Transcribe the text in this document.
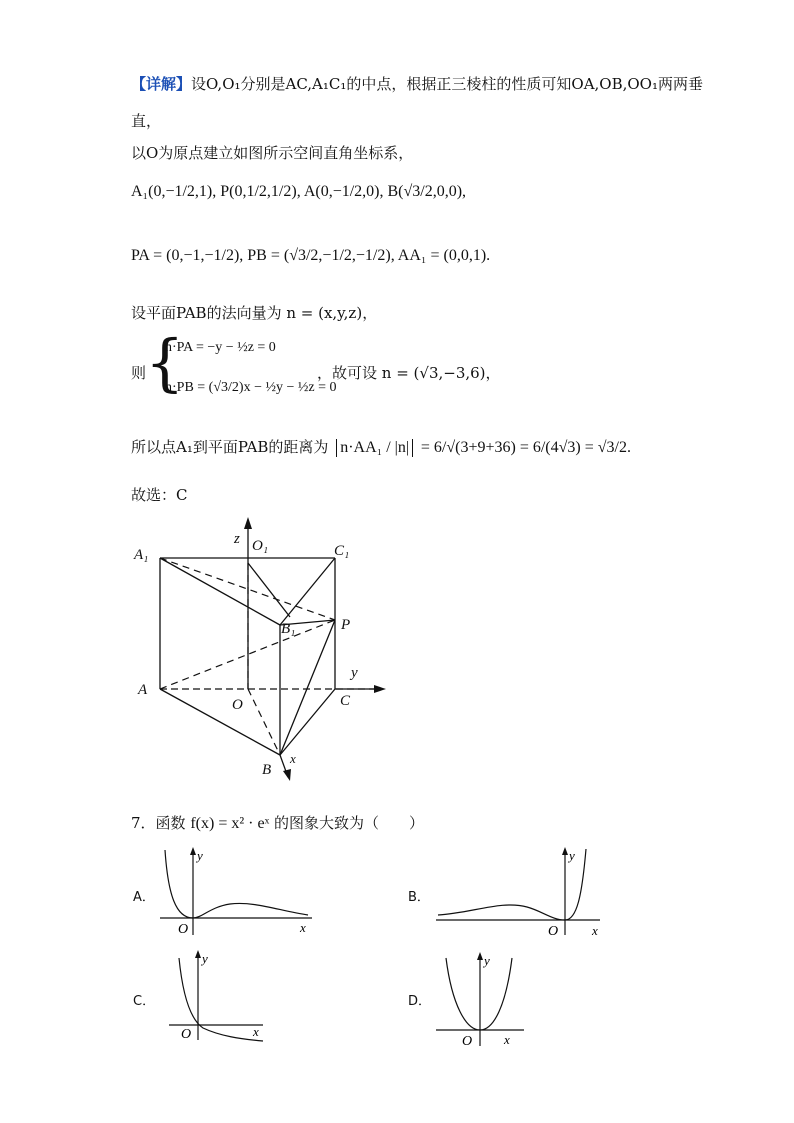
【详解】设O,O₁分别是AC,A₁C₁的中点，根据正三棱柱的性质可知OA,OB,OO₁两两垂
直，
以O为原点建立如图所示空间直角坐标系，
A₁(0,−1/2,1), P(0,1/2,1/2), A(0,−1/2,0), B(√3/2,0,0),
PA = (0,−1,−1/2), PB = (√3/2,−1/2,−1/2), AA₁ = (0,0,1).
设平面PAB的法向量为 n = (x,y,z)，
则
{
n·PA = −y − ½z = 0
n·PB = (√3/2)x − ½y − ½z = 0
，故可设 n = (√3,−3,6)，
所以点A₁到平面PAB的距离为 n·AA₁ / |n| = 6/√(3+9+36) = 6/(4√3) = √3/2.
故选：C
A₁
O₁	C₁
B₁	P
A
O	C
B
x
y
z
7．函数 f(x) = x² · eˣ 的图象大致为（　　）
A．
y
x
O
B．
y
x
O
C．
y
x
O
D．
y
x
O
